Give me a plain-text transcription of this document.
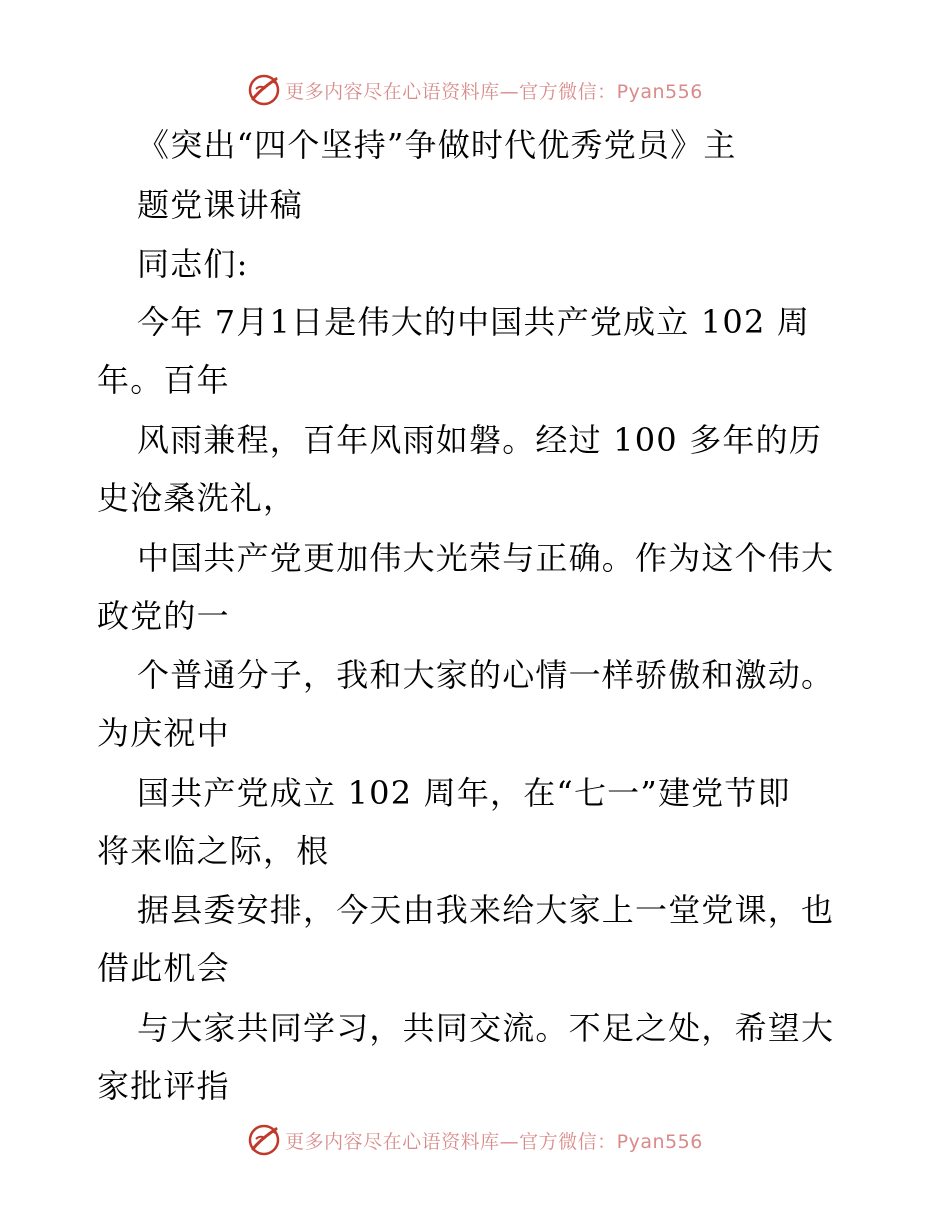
更多内容尽在心语资料库—官方微信：Pyan556

《突出“四个坚持”争做时代优秀党员》主

题党课讲稿

同志们:

今年 7月1日是伟大的中国共产党成立 102 周

年。百年

风雨兼程，百年风雨如磐。经过 100 多年的历

史沧桑洗礼，

中国共产党更加伟大光荣与正确。作为这个伟大

政党的一

个普通分子，我和大家的心情一样骄傲和激动。

为庆祝中

国共产党成立 102 周年，在“七一”建党节即

将来临之际，根

据县委安排，今天由我来给大家上一堂党课，也

借此机会

与大家共同学习，共同交流。不足之处，希望大

家批评指

更多内容尽在心语资料库—官方微信：Pyan556
